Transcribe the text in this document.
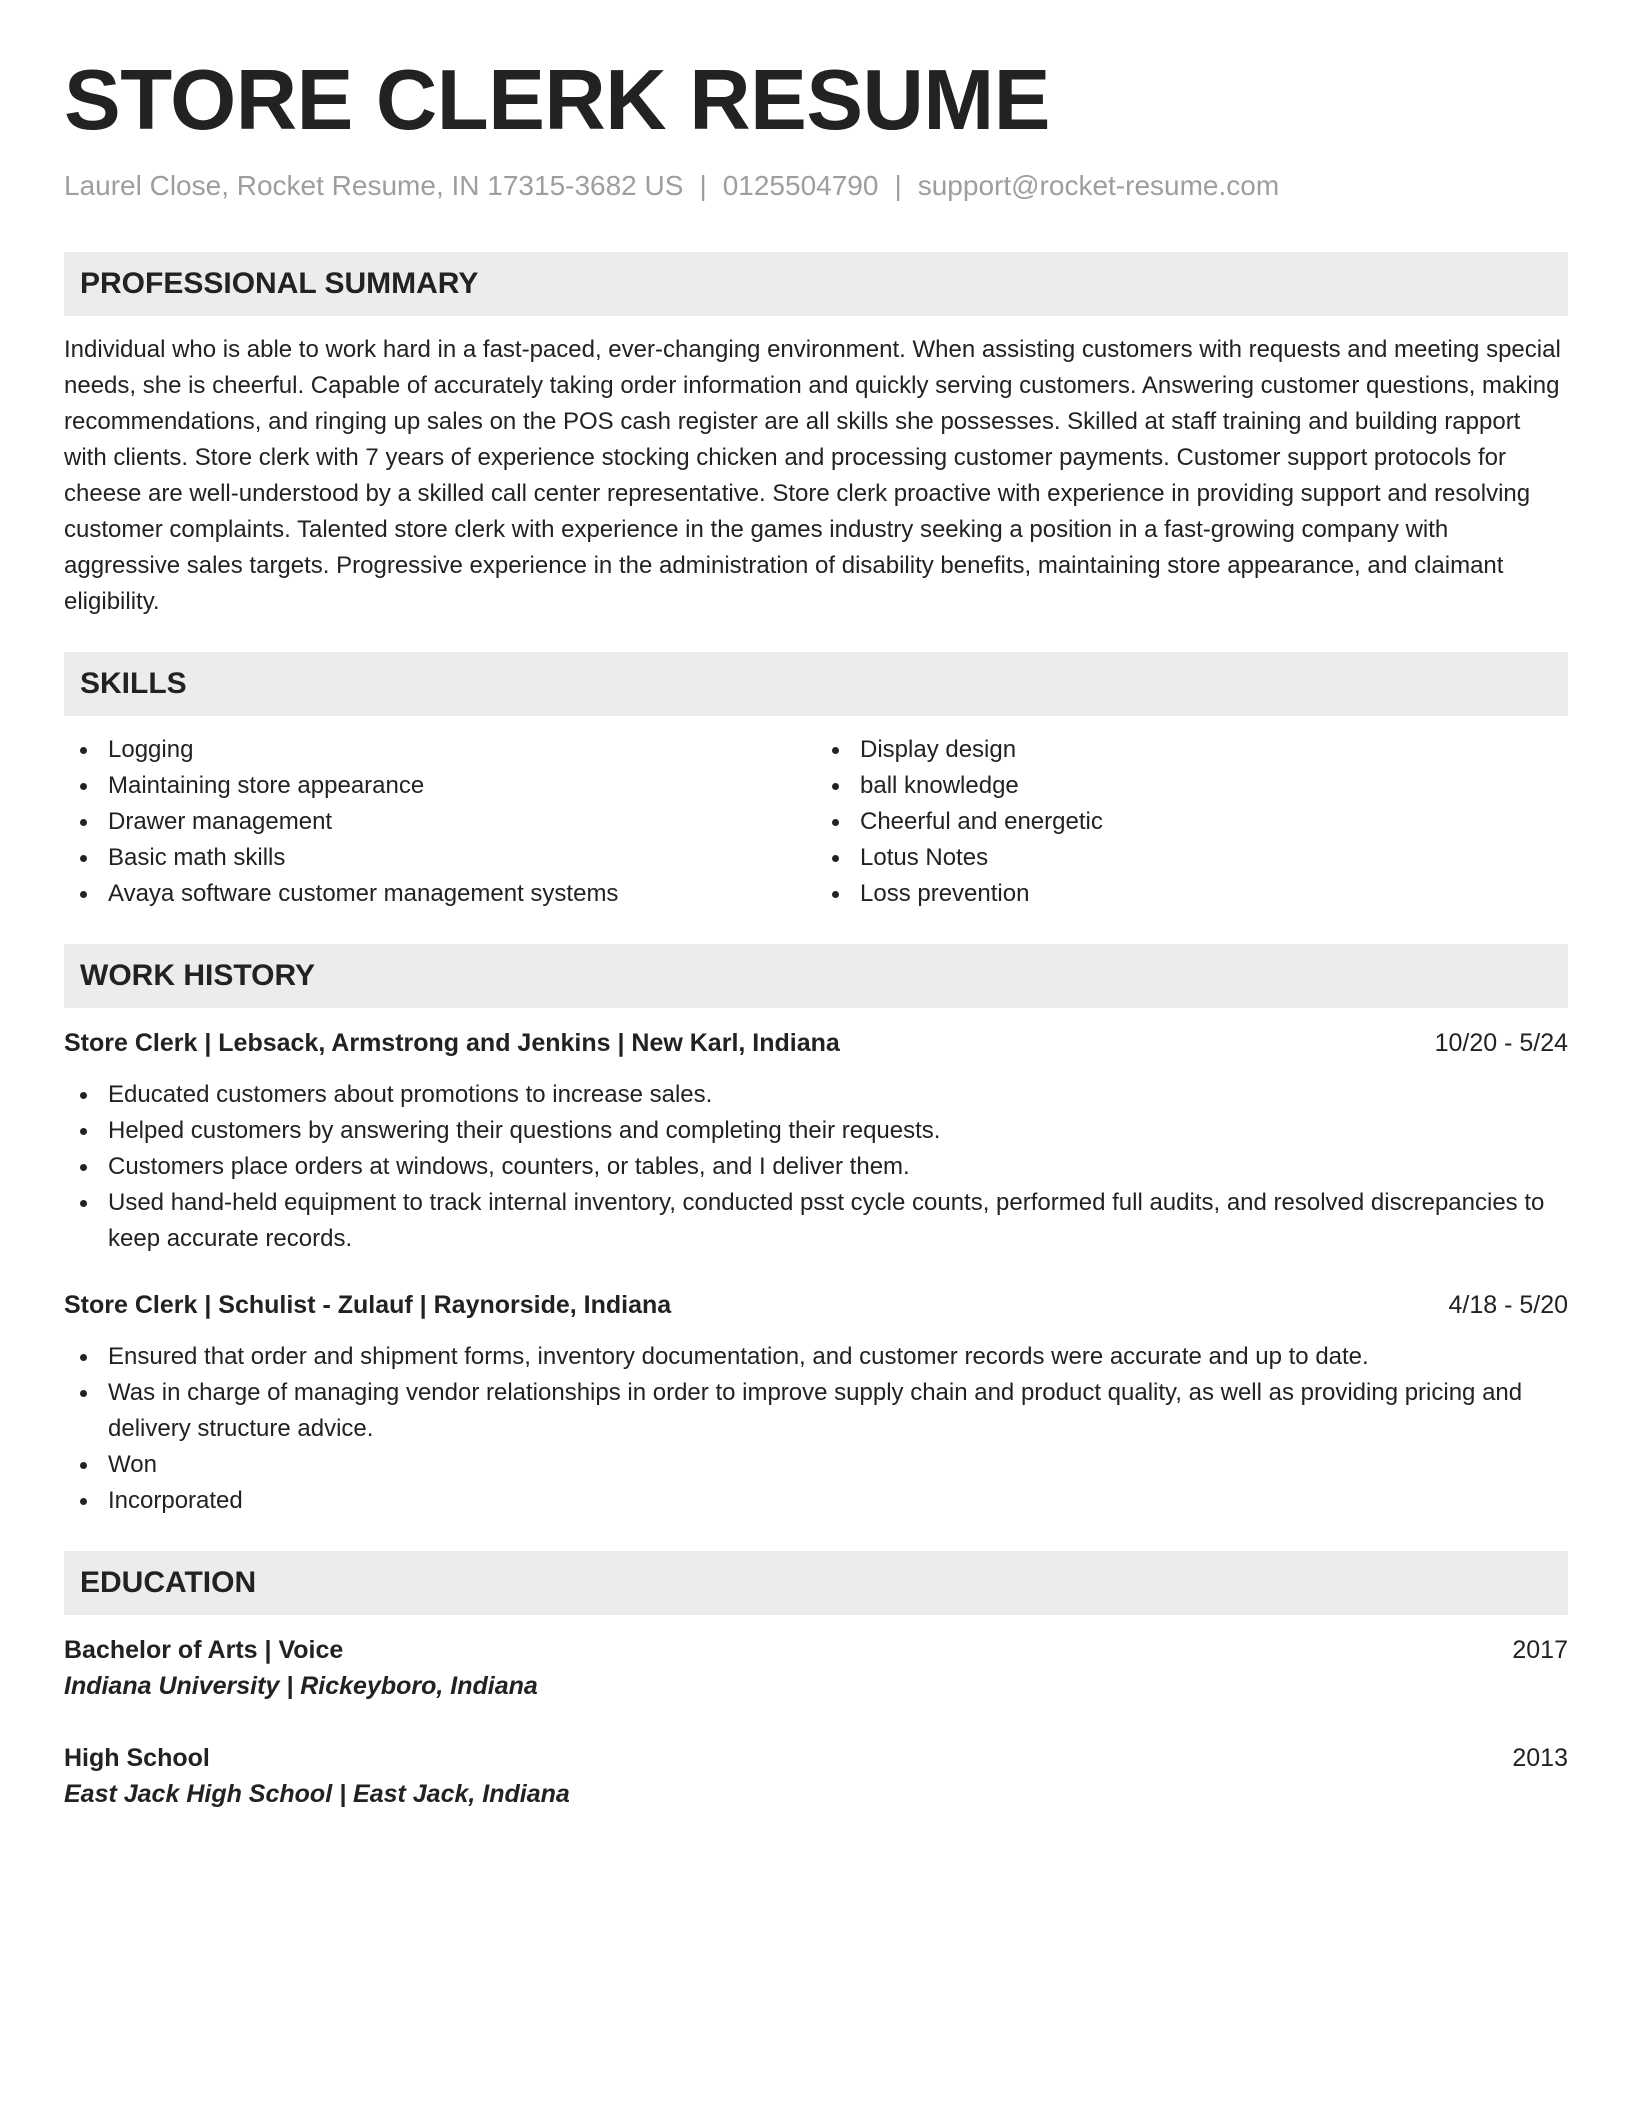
STORE CLERK RESUME
Laurel Close, Rocket Resume, IN 17315-3682 US | 0125504790 | support@rocket-resume.com
PROFESSIONAL SUMMARY
Individual who is able to work hard in a fast-paced, ever-changing environment. When assisting customers with requests and meeting special needs, she is cheerful. Capable of accurately taking order information and quickly serving customers. Answering customer questions, making recommendations, and ringing up sales on the POS cash register are all skills she possesses. Skilled at staff training and building rapport with clients. Store clerk with 7 years of experience stocking chicken and processing customer payments. Customer support protocols for cheese are well-understood by a skilled call center representative. Store clerk proactive with experience in providing support and resolving customer complaints. Talented store clerk with experience in the games industry seeking a position in a fast-growing company with aggressive sales targets. Progressive experience in the administration of disability benefits, maintaining store appearance, and claimant eligibility.
SKILLS
Logging
Maintaining store appearance
Drawer management
Basic math skills
Avaya software customer management systems
Display design
ball knowledge
Cheerful and energetic
Lotus Notes
Loss prevention
WORK HISTORY
Store Clerk | Lebsack, Armstrong and Jenkins | New Karl, Indiana	10/20 - 5/24
Educated customers about promotions to increase sales.
Helped customers by answering their questions and completing their requests.
Customers place orders at windows, counters, or tables, and I deliver them.
Used hand-held equipment to track internal inventory, conducted psst cycle counts, performed full audits, and resolved discrepancies to keep accurate records.
Store Clerk | Schulist - Zulauf | Raynorside, Indiana	4/18 - 5/20
Ensured that order and shipment forms, inventory documentation, and customer records were accurate and up to date.
Was in charge of managing vendor relationships in order to improve supply chain and product quality, as well as providing pricing and delivery structure advice.
Won
Incorporated
EDUCATION
Bachelor of Arts | Voice	2017
Indiana University | Rickeyboro, Indiana
High School	2013
East Jack High School | East Jack, Indiana
